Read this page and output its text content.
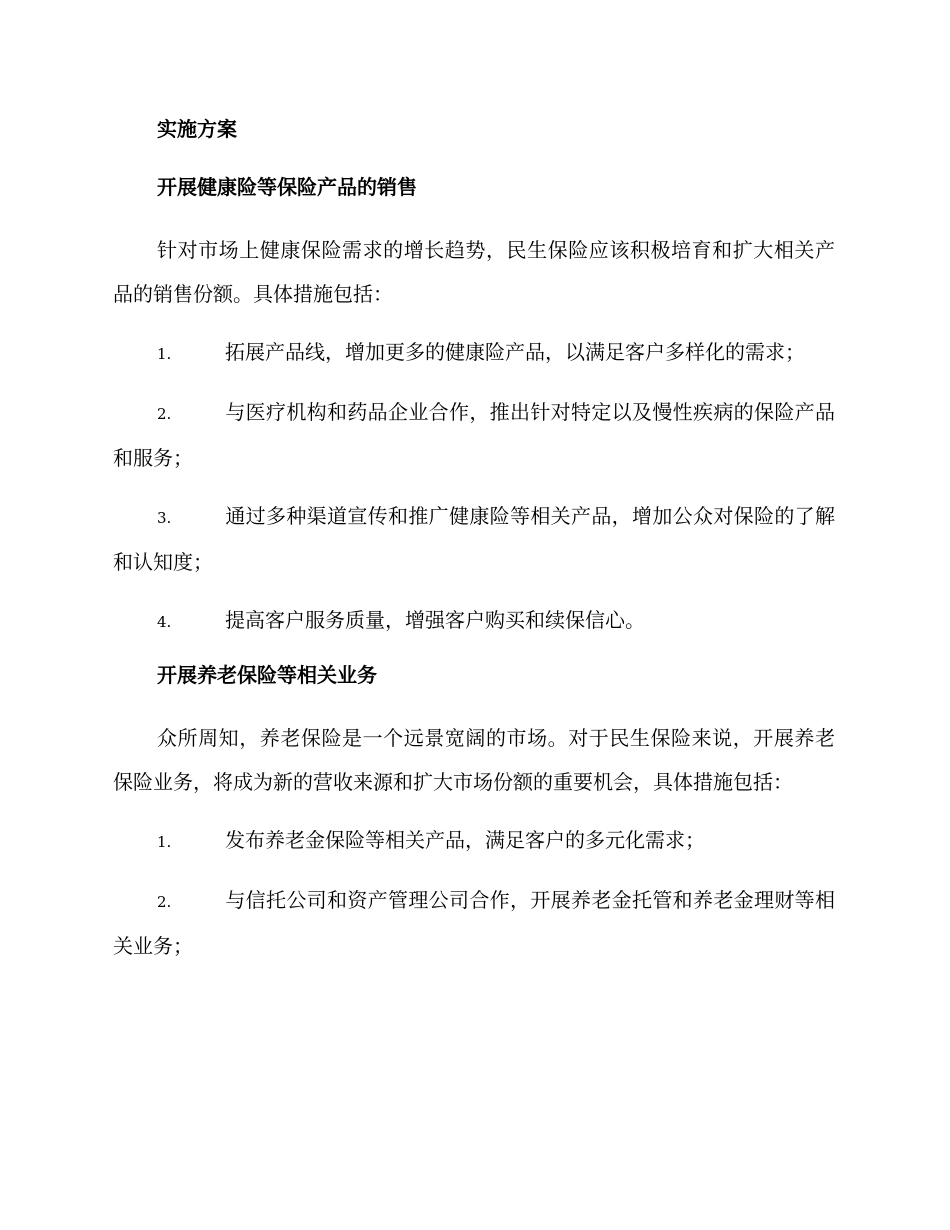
实施方案
开展健康险等保险产品的销售
针对市场上健康保险需求的增长趋势，民生保险应该积极培育和扩大相关产品的销售份额。具体措施包括：
1.	拓展产品线，增加更多的健康险产品，以满足客户多样化的需求；
2.	与医疗机构和药品企业合作，推出针对特定以及慢性疾病的保险产品和服务；
3.	通过多种渠道宣传和推广健康险等相关产品，增加公众对保险的了解和认知度；
4.	提高客户服务质量，增强客户购买和续保信心。
开展养老保险等相关业务
众所周知，养老保险是一个远景宽阔的市场。对于民生保险来说，开展养老保险业务，将成为新的营收来源和扩大市场份额的重要机会，具体措施包括：
1.	发布养老金保险等相关产品，满足客户的多元化需求；
2.	与信托公司和资产管理公司合作，开展养老金托管和养老金理财等相关业务；
